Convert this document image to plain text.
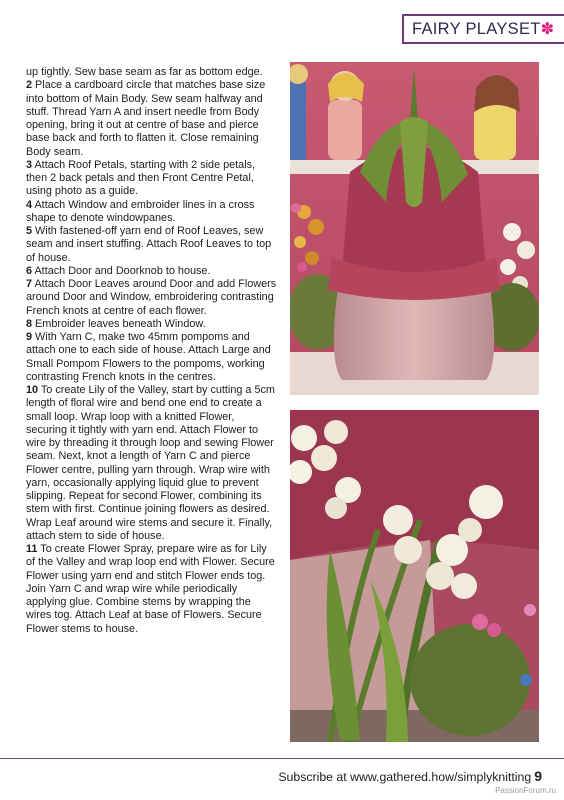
FAIRY PLAYSET ✽

up tightly. Sew base seam as far as bottom edge.

2 Place a cardboard circle that matches base size into bottom of Main Body. Sew seam halfway and stuff. Thread Yarn A and insert needle from Body opening, bring it out at centre of base and pierce base back and forth to flatten it. Close remaining Body seam.

3 Attach Roof Petals, starting with 2 side petals, then 2 back petals and then Front Centre Petal, using photo as a guide.

4 Attach Window and embroider lines in a cross shape to denote windowpanes.

5 With fastened-off yarn end of Roof Leaves, sew seam and insert stuffing. Attach Roof Leaves to top of house.

6 Attach Door and Doorknob to house.

7 Attach Door Leaves around Door and add Flowers around Door and Window, embroidering contrasting French knots at centre of each flower.

8 Embroider leaves beneath Window.

9 With Yarn C, make two 45mm pompoms and attach one to each side of house. Attach Large and Small Pompom Flowers to the pompoms, working contrasting French knots in the centres.

10 To create Lily of the Valley, start by cutting a 5cm length of floral wire and bend one end to create a small loop. Wrap loop with a knitted Flower, securing it tightly with yarn end. Attach Flower to wire by threading it through loop and sewing Flower seam. Next, knot a length of Yarn C and pierce Flower centre, pulling yarn through. Wrap wire with yarn, occasionally applying liquid glue to prevent slipping. Repeat for second Flower, combining its stem with first. Continue joining flowers as desired. Wrap Leaf around wire stems and secure it. Finally, attach stem to side of house.

11 To create Flower Spray, prepare wire as for Lily of the Valley and wrap loop end with Flower. Secure Flower using yarn end and stitch Flower ends tog. Join Yarn C and wrap wire while periodically applying glue. Combine stems by wrapping the wires tog. Attach Leaf at base of Flowers. Secure Flower stems to house.

Subscribe at www.gathered.how/simplyknitting 9
PassionForum.ru
